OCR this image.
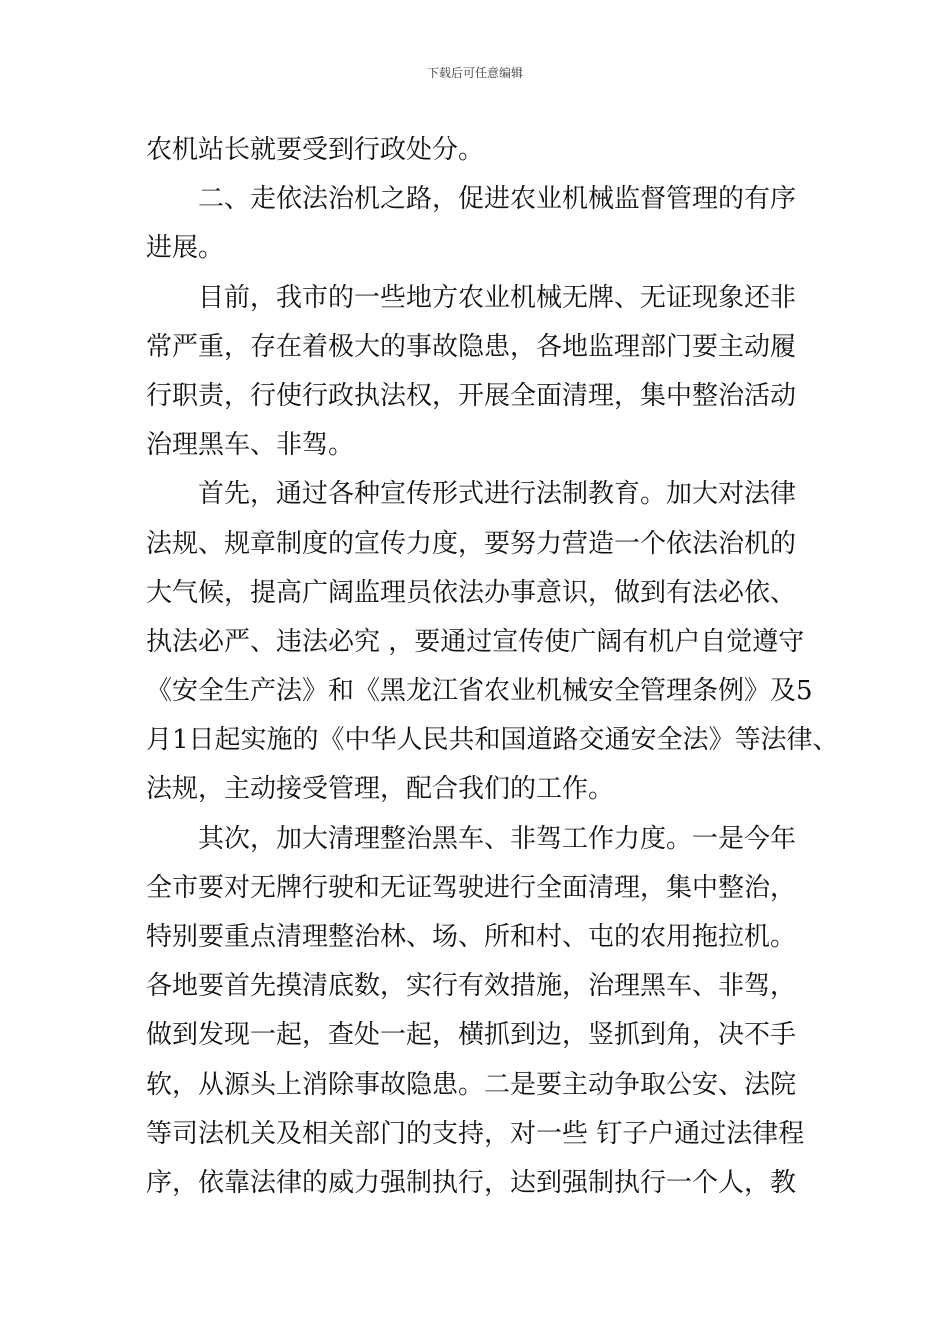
下载后可任意编辑
农机站长就要受到行政处分。
二、走依法治机之路，促进农业机械监督管理的有序
进展。
目前，我市的一些地方农业机械无牌、无证现象还非
常严重，存在着极大的事故隐患，各地监理部门要主动履
行职责，行使行政执法权，开展全面清理，集中整治活动
治理黑车、非驾。
首先，通过各种宣传形式进行法制教育。加大对法律
法规、规章制度的宣传力度，要努力营造一个依法治机的
大气候，提高广阔监理员依法办事意识，做到有法必依、
执法必严、违法必究 ，要通过宣传使广阔有机户自觉遵守
《安全生产法》和《黑龙江省农业机械安全管理条例》及5
月1日起实施的《中华人民共和国道路交通安全法》等法律、
法规，主动接受管理，配合我们的工作。
其次，加大清理整治黑车、非驾工作力度。一是今年
全市要对无牌行驶和无证驾驶进行全面清理，集中整治，
特别要重点清理整治林、场、所和村、屯的农用拖拉机。
各地要首先摸清底数，实行有效措施，治理黑车、非驾，
做到发现一起，查处一起，横抓到边，竖抓到角，决不手
软，从源头上消除事故隐患。二是要主动争取公安、法院
等司法机关及相关部门的支持，对一些 钉子户通过法律程
序，依靠法律的威力强制执行，达到强制执行一个人，教
